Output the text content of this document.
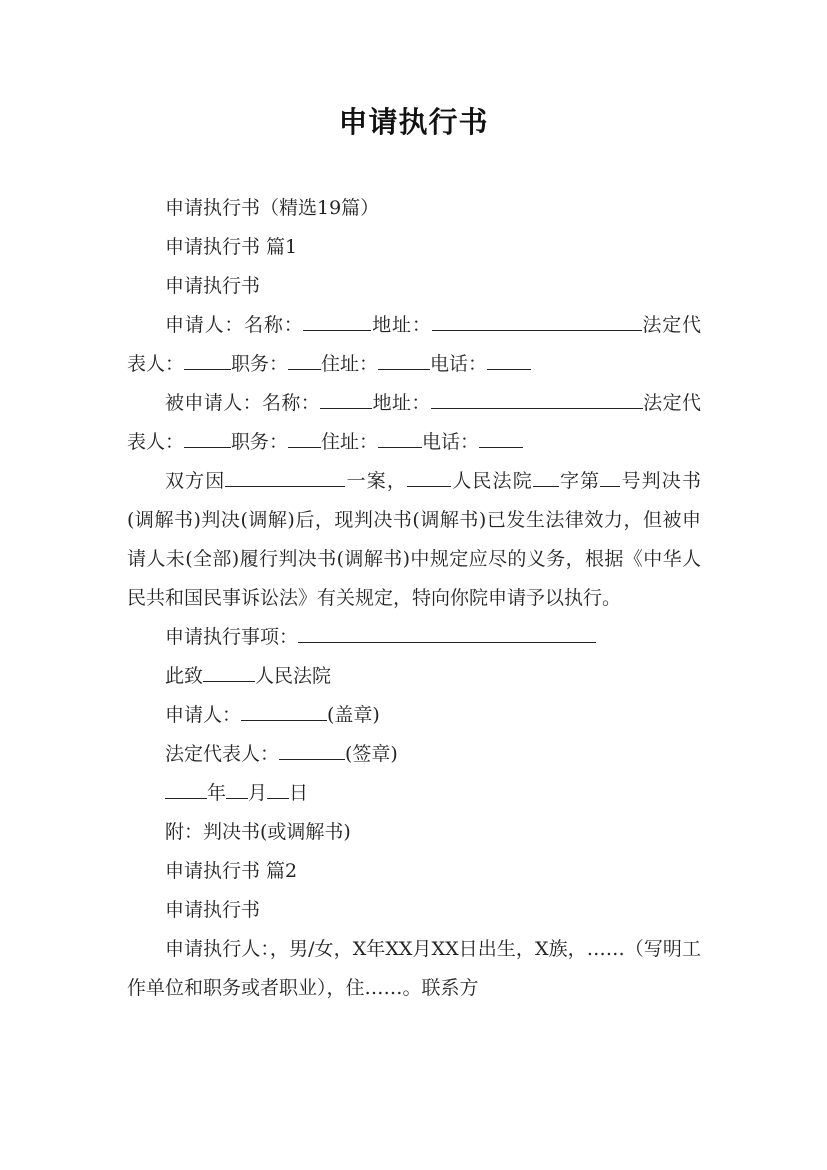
申请执行书

申请执行书（精选19篇）

申请执行书 篇1

申请执行书

申请人：名称：	地址：	法定代表人： 职务： 住址：	电话：

被申请人：名称：	地址：	法定代表人： 职务： 住址： 电话：

双方因	一案， 人民法院 字第 号判决书(调解书)判决(调解)后，现判决书(调解书)已发生法律效力，但被申请人未(全部)履行判决书(调解书)中规定应尽的义务，根据《中华人民共和国民事诉讼法》有关规定，特向你院申请予以执行。

申请执行事项：

此致	人民法院

申请人：	(盖章)

法定代表人：	(签章)

年 月 日

附：判决书(或调解书)

申请执行书 篇2

申请执行书

申请执行人：，男/女，X年XX月XX日出生，X族，……（写明工作单位和职务或者职业），住……。联系方
